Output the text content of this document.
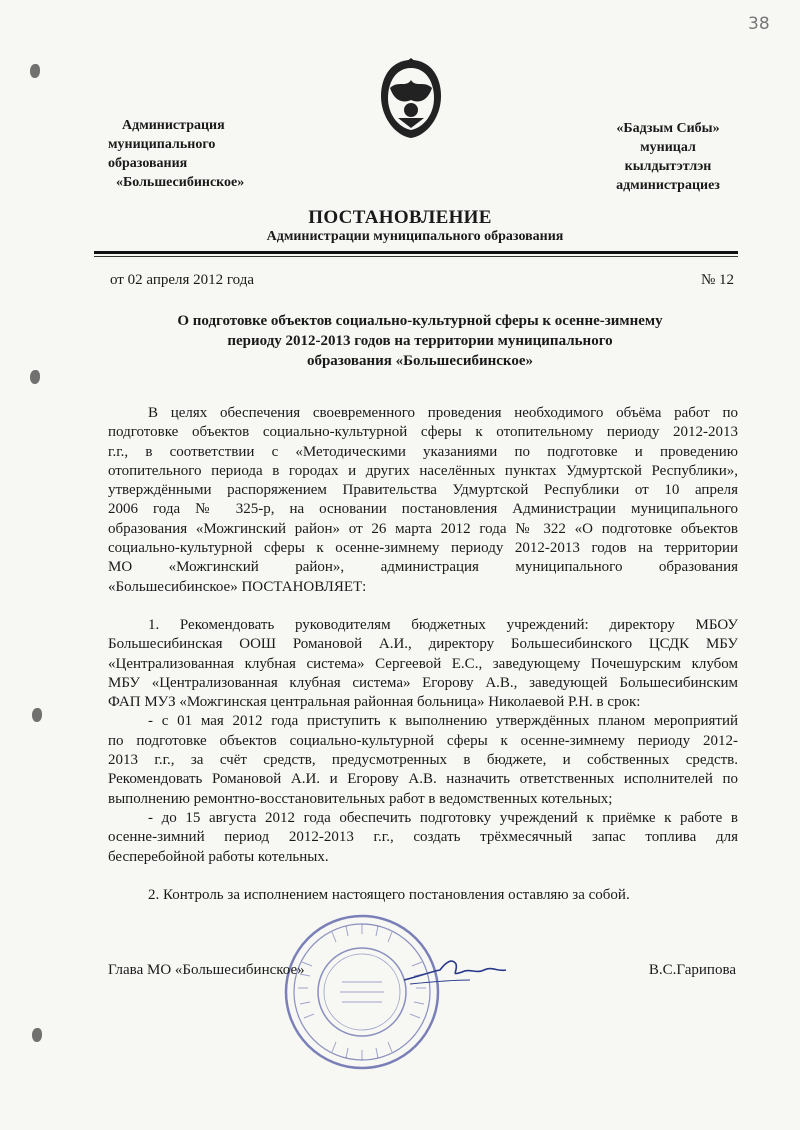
38
Администрация
муниципального
образования
«Большесибинское»
«Бадзым Сибы»
муницал
кылдытэтлэн
администрациез
ПОСТАНОВЛЕНИЕ
Администрации муниципального образования
от 02 апреля 2012 года	№ 12
О подготовке объектов социально-культурной сферы к осенне-зимнему
периоду 2012-2013 годов на территории муниципального
образования «Большесибинское»
В целях обеспечения своевременного проведения необходимого объёма работ по
подготовке объектов социально-культурной сферы к отопительному периоду 2012-2013
г.г., в соответствии с «Методическими указаниями по подготовке и проведению
отопительного периода в городах и других населённых пунктах Удмуртской Республики»,
утверждёнными распоряжением Правительства Удмуртской Республики от 10 апреля
2006 года № 325-р, на основании постановления Администрации муниципального
образования «Можгинский район» от 26 марта 2012 года № 322 «О подготовке объектов
социально-культурной сферы к осенне-зимнему периоду 2012-2013 годов на территории
МО «Можгинский район», администрация муниципального образования
«Большесибинское» ПОСТАНОВЛЯЕТ:
1. Рекомендовать руководителям бюджетных учреждений: директору МБОУ
Большесибинская ООШ Романовой А.И., директору Большесибинского ЦСДК МБУ
«Централизованная клубная система» Сергеевой Е.С., заведующему Почешурским клубом
МБУ «Централизованная клубная система» Егорову А.В., заведующей Большесибинским
ФАП МУЗ «Можгинская центральная районная больница» Николаевой Р.Н. в срок:
- с 01 мая 2012 года приступить к выполнению утверждённых планом мероприятий
по подготовке объектов социально-культурной сферы к осенне-зимнему периоду 2012-
2013 г.г., за счёт средств, предусмотренных в бюджете, и собственных средств.
Рекомендовать Романовой А.И. и Егорову А.В. назначить ответственных исполнителей по
выполнению ремонтно-восстановительных работ в ведомственных котельных;
- до 15 августа 2012 года обеспечить подготовку учреждений к приёмке к работе в
осенне-зимний период 2012-2013 г.г., создать трёхмесячный запас топлива для
бесперебойной работы котельных.
2. Контроль за исполнением настоящего постановления оставляю за собой.
Глава МО «Большесибинское»	В.С.Гарипова
